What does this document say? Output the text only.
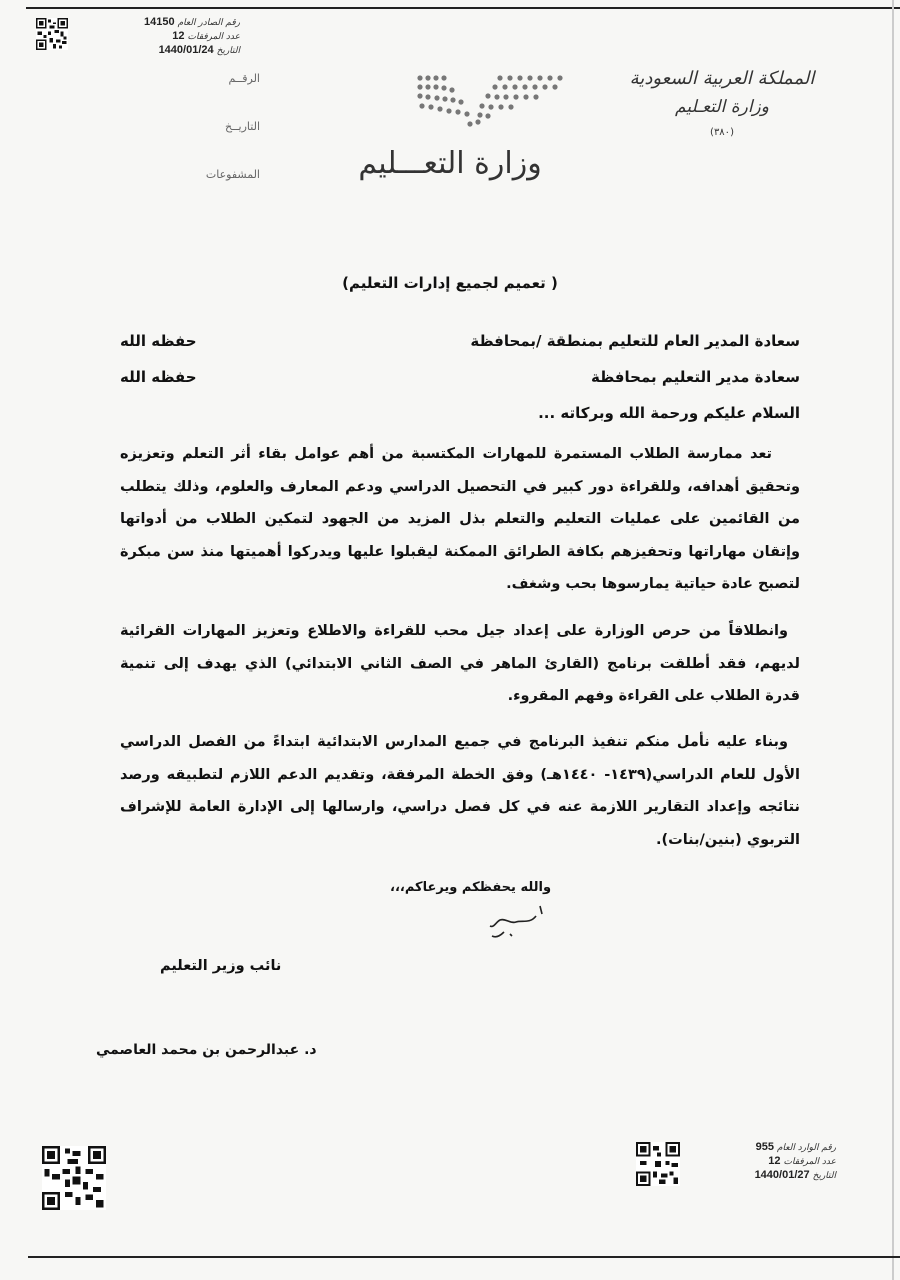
رقم الصادر العام14150
عدد المرفقات12
التاريخ1440/01/24
الرقــم
التاريــخ
المشفوعات	وزارة التعـــليم
المملكة العربية السعودية
وزارة التعـليم
(٣٨٠)
( تعميم لجميع إدارات التعليم)
سعادة المدير العام للتعليم بمنطقة /بمحافظة
حفظه الله
سعادة مدير التعليم بمحافظة
حفظه الله
السلام عليكم ورحمة الله وبركاته ...
تعد ممارسة الطلاب المستمرة للمهارات المكتسبة من أهم عوامل بقاء أثر التعلم وتعزيزه وتحقيق أهدافه، وللقراءة دور كبير في التحصيل الدراسي ودعم المعارف والعلوم، وذلك يتطلب من القائمين على عمليات التعليم والتعلم بذل المزيد من الجهود لتمكين الطلاب من أدواتها وإتقان مهاراتها وتحفيزهم بكافة الطرائق الممكنة ليقبلوا عليها ويدركوا أهميتها منذ سن مبكرة لتصبح عادة حياتية يمارسوها بحب وشغف.
وانطلاقاً من حرص الوزارة على إعداد جيل محب للقراءة والاطلاع وتعزيز المهارات القرائية لديهم، فقد أطلقت برنامج (القارئ الماهر في الصف الثاني الابتدائي) الذي يهدف إلى تنمية قدرة الطلاب على القراءة وفهم المقروء.
وبناء عليه نأمل منكم تنفيذ البرنامج في جميع المدارس الابتدائية ابتداءً من الفصل الدراسي الأول للعام الدراسي(١٤٣٩- ١٤٤٠هـ) وفق الخطة المرفقة، وتقديم الدعم اللازم لتطبيقه ورصد نتائجه وإعداد التقارير اللازمة عنه في كل فصل دراسي، وارسالها إلى الإدارة العامة للإشراف التربوي (بنين/بنات).
والله يحفظكم ويرعاكم،،،
نائب وزير التعليم
د. عبدالرحمن بن محمد العاصمي
رقم الوارد العام955
عدد المرفقات12
التاريخ1440/01/27
